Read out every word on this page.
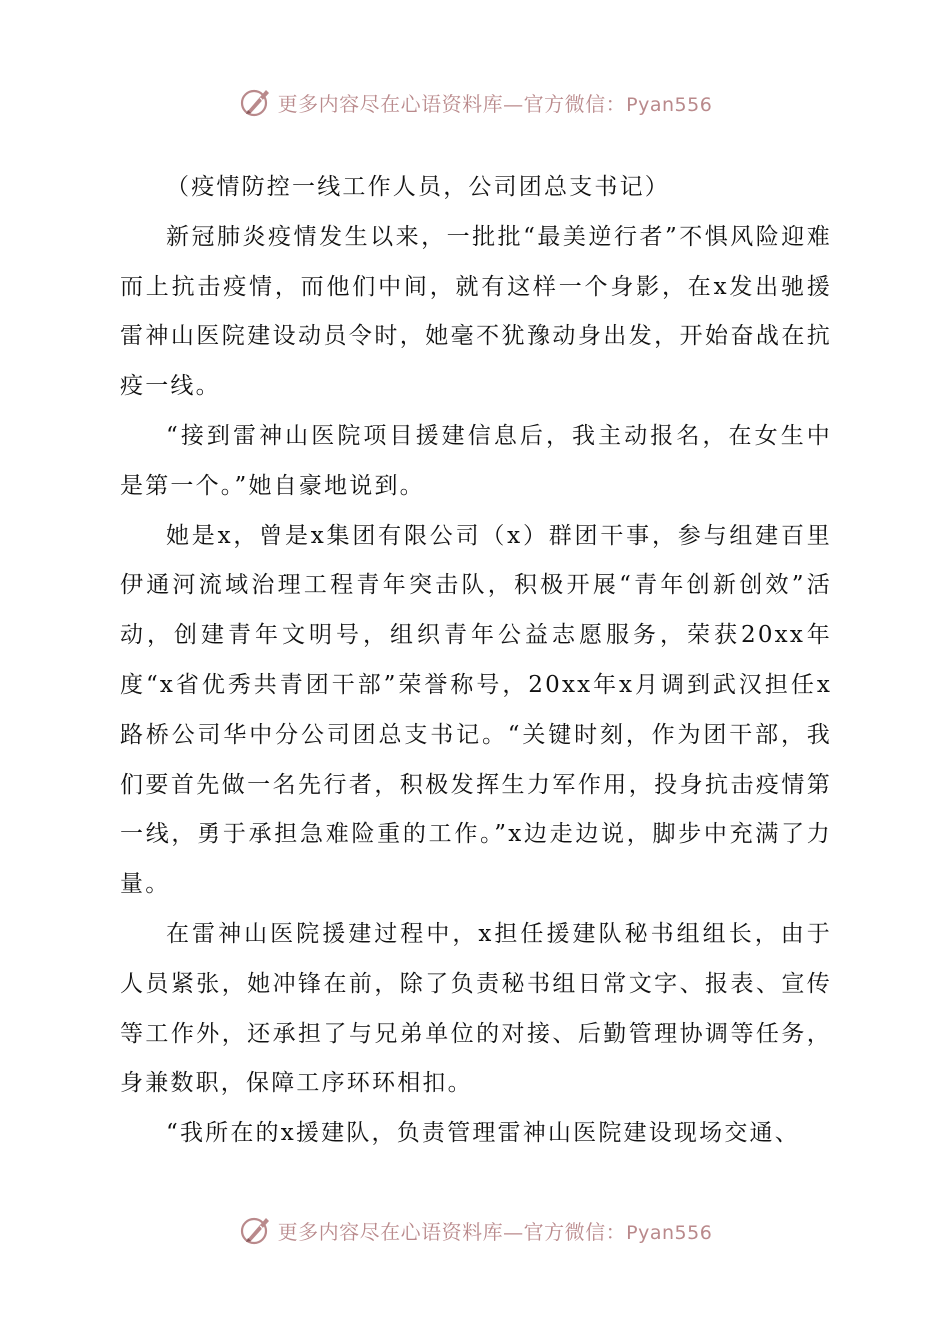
更多内容尽在心语资料库—官方微信：Pyan556

（疫情防控一线工作人员，公司团总支书记）

新冠肺炎疫情发生以来，一批批“最美逆行者”不惧风险迎难而上抗击疫情，而他们中间，就有这样一个身影，在x发出驰援雷神山医院建设动员令时，她毫不犹豫动身出发，开始奋战在抗疫一线。

“接到雷神山医院项目援建信息后，我主动报名，在女生中是第一个。”她自豪地说到。

她是x，曾是x集团有限公司（x）群团干事，参与组建百里伊通河流域治理工程青年突击队，积极开展“青年创新创效”活动，创建青年文明号，组织青年公益志愿服务，荣获20xx年度“x省优秀共青团干部”荣誉称号，20xx年x月调到武汉担任x路桥公司华中分公司团总支书记。“关键时刻，作为团干部，我们要首先做一名先行者，积极发挥生力军作用，投身抗击疫情第一线，勇于承担急难险重的工作。”x边走边说，脚步中充满了力量。

在雷神山医院援建过程中，x担任援建队秘书组组长，由于人员紧张，她冲锋在前，除了负责秘书组日常文字、报表、宣传等工作外，还承担了与兄弟单位的对接、后勤管理协调等任务，身兼数职，保障工序环环相扣。

“我所在的x援建队，负责管理雷神山医院建设现场交通、

更多内容尽在心语资料库—官方微信：Pyan556
